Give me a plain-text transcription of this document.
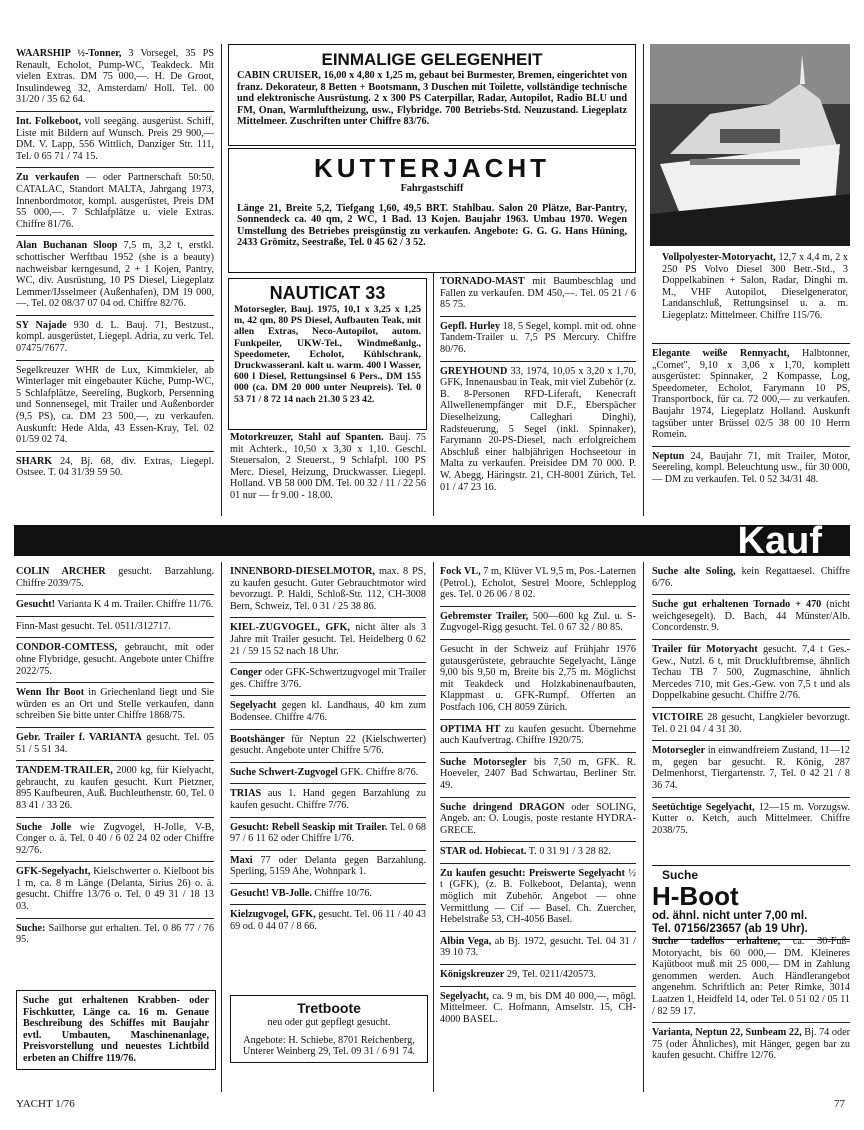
WAARSHIP ½-Tonner, 3 Vorsegel, 35 PS Renault, Echolot, Pump-WC, Teakdeck. Mit vielen Extras. DM 75 000,—. H. De Groot, Insulindeweg 32, Amsterdam/ Holl. Tel. 00 31/20 / 35 62 64.

Int. Folkeboot, voll seegäng. ausgerüst. Schiff, Liste mit Bildern auf Wunsch. Preis 29 900,— DM. V. Lapp, 556 Wittlich, Danziger Str. 111, Tel. 0 65 71 / 74 15.

Zu verkaufen — oder Partnerschaft 50:50. CATALAC, Standort MALTA, Jahrgang 1973, Innenbordmotor, kompl. ausgerüstet, Preis DM 55 000,—. 7 Schlafplätze u. viele Extras. Chiffre 81/76.

Alan Buchanan Sloop 7,5 m, 3,2 t, erstkl. schottischer Werftbau 1952 (she is a beauty) nachweisbar kerngesund, 2 + 1 Kojen, Pantry, WC, div. Ausrüstung, 10 PS Diesel, Liegeplatz Lemmer/IJsselmeer (Außenhafen), DM 19 000,—. Tel. 02 08/37 07 04 od. Chiffre 82/76.

SY Najade 930 d. L. Bauj. 71, Bestzust., kompl. ausgerüstet, Liegepl. Adria, zu verk. Tel. 07475/7677.

Segelkreuzer WHR de Lux, Kimmkieler, ab Winterlager mit eingebauter Küche, Pump-WC, 5 Schlafplätze, Seereling, Bugkorb, Persenning und Sonnensegel, mit Trailer und Außenborder (9,5 PS), ca. DM 23 500,—, zu verkaufen. Auskunft: Hede Alda, 43 Essen-Kray, Tel. 02 01/59 02 74.

SHARK 24, Bj. 68, div. Extras, Liegepl. Ostsee. T. 04 31/39 59 50.

EINMALIGE GELEGENHEIT
CABIN CRUISER, 16,00 x 4,80 x 1,25 m, gebaut bei Burmester, Bremen, eingerichtet von franz. Dekorateur, 8 Betten + Bootsmann, 3 Duschen mit Toilette, vollständige technische und elektronische Ausrüstung. 2 x 300 PS Caterpillar, Radar, Autopilot, Radio BLU und FM, Onan, Warmluftheizung, usw., Flybridge. 700 Betriebs-Std. Neuzustand. Liegeplatz Mittelmeer. Zuschriften unter Chiffre 83/76.
KUTTERJACHT
Fahrgastschiff
Länge 21, Breite 5,2, Tiefgang 1,60, 49,5 BRT. Stahlbau. Salon 20 Plätze, Bar-Pantry, Sonnendeck ca. 40 qm, 2 WC, 1 Bad. 13 Kojen. Baujahr 1963. Umbau 1970. Wegen Umstellung des Betriebes preisgünstig zu verkaufen. Angebote: G. G. G. Hans Hüning, 2433 Grömitz, Seestraße, Tel. 0 45 62 / 3 52.
NAUTICAT 33
Motorsegler, Bauj. 1975, 10,1 x 3,25 x 1,25 m, 42 qm, 80 PS Diesel, Aufbauten Teak, mit allen Extras, Neco-Autopilot, autom. Funkpeiler, UKW-Tel., Windmeßanlg., Speedometer, Echolot, Kühlschrank, Druckwasseranl. kalt u. warm. 400 l Wasser, 600 l Diesel, Rettungsinsel 6 Pers., DM 155 000 (ca. DM 20 000 unter Neupreis). Tel. 0 53 71 / 8 72 14 nach 21.30 5 23 42.

Motorkreuzer, Stahl auf Spanten. Bauj. 75 mit Achterk., 10,50 x 3,30 x 1,10. Geschl. Steuersalon, 2 Steuerst., 9 Schlafpl. 100 PS Merc. Diesel, Heizung, Druckwasser. Liegepl. Holland. VB 58 000 DM. Tel. 00 32 / 11 / 22 56 01 nur — fr 9.00 - 18.00.

TORNADO-MAST mit Baumbeschlag und Fallen zu verkaufen. DM 450,—. Tel. 05 21 / 6 85 75.

Gepfl. Hurley 18, 5 Segel, kompl. mit od. ohne Tandem-Trailer u. 7,5 PS Mercury. Chiffre 80/76.

GREYHOUND 33, 1974, 10,05 x 3,20 x 1,70, GFK, Innenausbau in Teak, mit viel Zubehör (z. B. 8-Personen RFD-Liferaft, Kenecraft Allwellenempfänger mit D.F., Eberspächer Dieselheizung, Calleghari Dinghi), Radsteuerung, 5 Segel (inkl. Spinnaker), Farymann 20-PS-Diesel, nach erfolgreichem Abschluß einer halbjährigen Hochseetour in Malta zu verkaufen. Preisidee DM 70 000. P. W. Abegg, Häringstr. 21, CH-8001 Zürich, Tel. 01 / 47 23 16.

Vollpolyester-Motoryacht, 12,7 x 4,4 m, 2 x 250 PS Volvo Diesel 300 Betr.-Std., 3 Doppelkabinen + Salon, Radar, Dinghi m. M., VHF Autopilot, Dieselgenerator, Landanschluß, Rettungsinsel u. a. m. Liegeplatz: Mittelmeer. Chiffre 115/76.

Elegante weiße Rennyacht, Halbtonner, „Comet", 9,10 x 3,06 x 1,70, komplett ausgerüstet: Spinnaker, 2 Kompasse, Log, Speedometer, Echolot, Farymann 10 PS, Transportbock, für ca. 72 000,— zu verkaufen. Baujahr 1974, Liegeplatz Holland. Auskunft tagsüber unter Brüssel 02/5 38 00 10 Herrn Romein.

Neptun 24, Baujahr 71, mit Trailer, Motor, Seereling, kompl. Beleuchtung usw., für 30 000,— DM zu verkaufen. Tel. 0 52 34/31 48.

Kauf

COLIN ARCHER gesucht. Barzahlung. Chiffre 2039/75.

Gesucht! Varianta K 4 m. Trailer. Chiffre 11/76.

Finn-Mast gesucht. Tel. 0511/312717.

CONDOR-COMTESS, gebraucht, mit oder ohne Flybridge, gesucht. Angebote unter Chiffre 2022/75.

Wenn Ihr Boot in Griechenland liegt und Sie würden es an Ort und Stelle verkaufen, dann schreiben Sie bitte unter Chiffre 1868/75.

Gebr. Trailer f. VARIANTA gesucht. Tel. 05 51 / 5 51 34.

TANDEM-TRAILER, 2000 kg, für Kielyacht, gebraucht, zu kaufen gesucht. Kurt Pietzner, 895 Kaufbeuren, Auß. Buchleuthenstr. 60, Tel. 0 83 41 / 33 26.

Suche Jolle wie Zugvogel, H-Jolle, V-B, Conger o. ä. Tel. 0 40 / 6 02 24 02 oder Chiffre 92/76.

GFK-Segelyacht, Kielschwerter o. Kielboot bis 1 m, ca. 8 m Länge (Delanta, Sirius 26) o. ä. gesucht. Chiffre 13/76 o. Tel. 0 49 31 / 18 13 03.

Suche: Sailhorse gut erhalten. Tel. 0 86 77 / 76 95.

Suche gut erhaltenen Krabben- oder Fischkutter, Länge ca. 16 m. Genaue Beschreibung des Schiffes mit Baujahr evtl. Umbauten, Maschinenanlage, Preisvorstellung und neuestes Lichtbild erbeten an Chiffre 119/76.

INNENBORD-DIESELMOTOR, max. 8 PS, zu kaufen gesucht. Guter Gebrauchtmotor wird bevorzugt. P. Haldi, Schloß-Str. 112, CH-3008 Bern, Schweiz, Tel. 0 31 / 25 38 86.

KIEL-ZUGVOGEL, GFK, nicht älter als 3 Jahre mit Trailer gesucht. Tel. Heidelberg 0 62 21 / 59 15 52 nach 18 Uhr.

Conger oder GFK-Schwertzugvogel mit Trailer ges. Chiffre 3/76.

Segelyacht gegen kl. Landhaus, 40 km zum Bodensee. Chiffre 4/76.

Bootshänger für Neptun 22 (Kielschwerter) gesucht. Angebote unter Chiffre 5/76.

Suche Schwert-Zugvogel GFK. Chiffre 8/76.

TRIAS aus 1. Hand gegen Barzahlung zu kaufen gesucht. Chiffre 7/76.

Gesucht: Rebell Seaskip mit Trailer. Tel. 0 68 97 / 6 11 62 oder Chiffre 1/76.

Maxi 77 oder Delanta gegen Barzahlung. Sperling, 5159 Ahe, Wohnpark 1.

Gesucht! VB-Jolle. Chiffre 10/76.

Kielzugvogel, GFK, gesucht. Tel. 06 11 / 40 43 69 od. 0 44 07 / 8 66.

Tretboote
neu oder gut gepflegt gesucht.
Angebote: H. Schiebe, 8701 Reichenberg, Unterer Weinberg 29, Tel. 09 31 / 6 91 74.

Fock VL, 7 m, Klüver VL 9,5 m, Pos.-Laternen (Petrol.), Echolot, Sestrel Moore, Schlepplog ges. Tel. 0 26 06 / 8 02.

Gebremster Trailer, 500—600 kg Zul. u. S-Zugvogel-Rigg gesucht. Tel. 0 67 32 / 80 85.

Gesucht in der Schweiz auf Frühjahr 1976 gutausgerüstete, gebrauchte Segelyacht, Länge 9,00 bis 9,50 m, Breite bis 2,75 m. Möglichst mit Teakdeck und Holzkabinenaufbauten, Klappmast u. GFK-Rumpf. Offerten an Postfach 106, CH 8059 Zürich.

OPTIMA HT zu kaufen gesucht. Übernehme auch Kaufvertrag. Chiffre 1920/75.

Suche Motorsegler bis 7,50 m, GFK. R. Hoeveler, 2407 Bad Schwartau, Berliner Str. 49.

Suche dringend DRAGON oder SOLING, Angeb. an: O. Lougis, poste restante HYDRA-GRECE.

STAR od. Hobiecat. T. 0 31 91 / 3 28 82.

Zu kaufen gesucht: Preiswerte Segelyacht ½ t (GFK), (z. B. Folkeboot, Delanta), wenn möglich mit Zubehör. Angebot — ohne Vermittlung — Cif — Basel. Ch. Zuercher, Hebelstraße 53, CH-4056 Basel.

Albin Vega, ab Bj. 1972, gesucht. Tel. 04 31 / 39 10 73.

Königskreuzer 29, Tel. 0211/420573.

Segelyacht, ca. 9 m, bis DM 40 000,—, mögl. Mittelmeer. C. Hofmann, Amselstr. 15, CH-4000 BASEL.

Suche alte Soling, kein Regattaesel. Chiffre 6/76.

Suche gut erhaltenen Tornado + 470 (nicht weichgesegelt). D. Bach, 44 Münster/Alb. Concordenstr. 9.

Trailer für Motoryacht gesucht. 7,4 t Ges.-Gew., Nutzl. 6 t, mit Druckluftbremse, ähnlich Techau TB 7 500, Zugmaschine, ähnlich Mercedes 710, mit Ges.-Gew. von 7,5 t und als Doppelkabine gesucht. Chiffre 2/76.

VICTOIRE 28 gesucht, Langkieler bevorzugt. Tel. 0 21 04 / 4 31 30.

Motorsegler in einwandfreiem Zustand, 11—12 m, gegen bar gesucht. R. König, 287 Delmenhorst, Tiergartenstr. 7, Tel. 0 42 21 / 8 36 74.

Seetüchtige Segelyacht, 12—15 m. Vorzugsw. Kutter o. Ketch, auch Mittelmeer. Chiffre 2038/75.

Suche
H-Boot
od. ähnl. nicht unter 7,00 ml.
Tel. 07156/23657 (ab 19 Uhr).

Suche tadellos erhaltene, ca. 30-Fuß-Motoryacht, bis 60 000,— DM. Kleineres Kajütboot muß mit 25 000,— DM in Zahlung genommen werden. Auch Händlerangebot angenehm. Schriftlich an: Peter Rimke, 3014 Laatzen 1, Heidfeld 14, oder Tel. 0 51 02 / 05 11 / 82 59 17.

Varianta, Neptun 22, Sunbeam 22, Bj. 74 oder 75 (oder Ähnliches), mit Hänger, gegen bar zu kaufen gesucht. Chiffre 12/76.

YACHT 1/76	77
